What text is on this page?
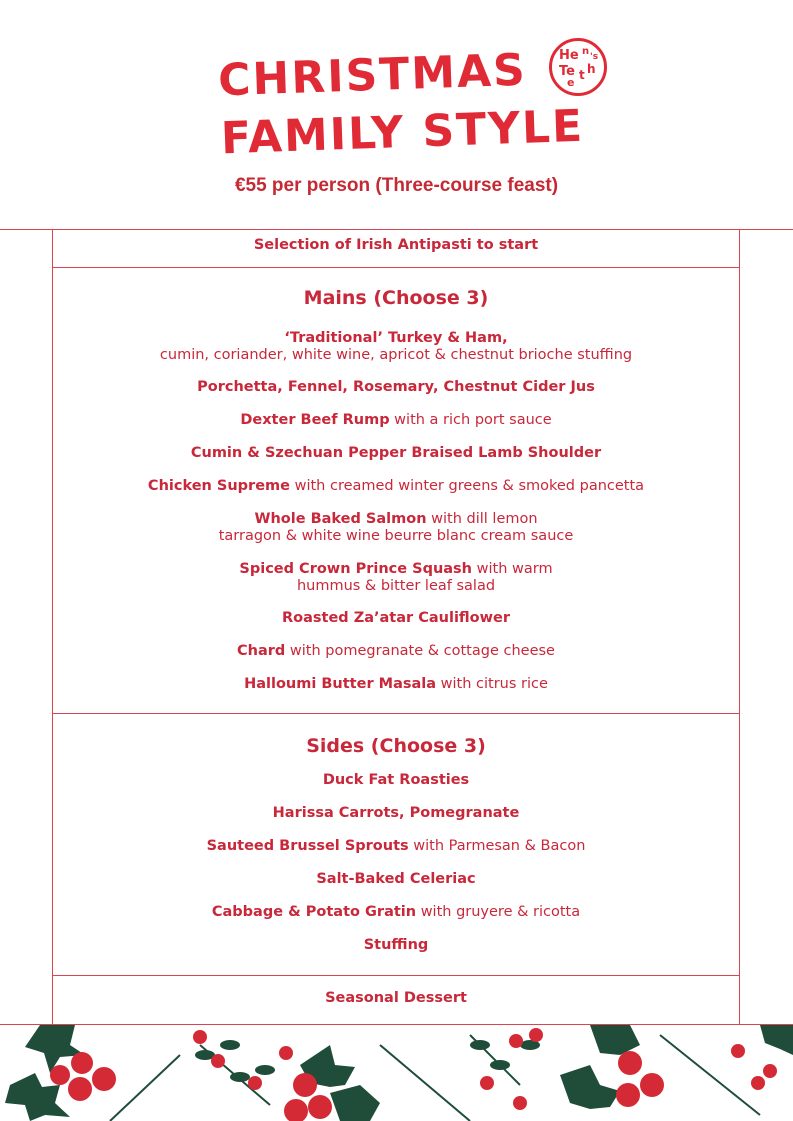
CHRISTMAS
FAMILY STYLE
He n 's
Te t h
e
€55 per person (Three-course feast)
Selection of Irish Antipasti to start
Mains (Choose 3)
‘Traditional’ Turkey & Ham,
cumin, coriander, white wine, apricot & chestnut brioche stuffing
Porchetta, Fennel, Rosemary, Chestnut Cider Jus
Dexter Beef Rump with a rich port sauce
Cumin & Szechuan Pepper Braised Lamb Shoulder
Chicken Supreme with creamed winter greens & smoked pancetta
Whole Baked Salmon with dill lemon
tarragon & white wine beurre blanc cream sauce
Spiced Crown Prince Squash with warm
hummus & bitter leaf salad
Roasted Za’atar Cauliflower
Chard with pomegranate & cottage cheese
Halloumi Butter Masala with citrus rice
Sides (Choose 3)
Duck Fat Roasties
Harissa Carrots, Pomegranate
Sauteed Brussel Sprouts with Parmesan & Bacon
Salt-Baked Celeriac
Cabbage & Potato Gratin with gruyere & ricotta
Stuffing
Seasonal Dessert
